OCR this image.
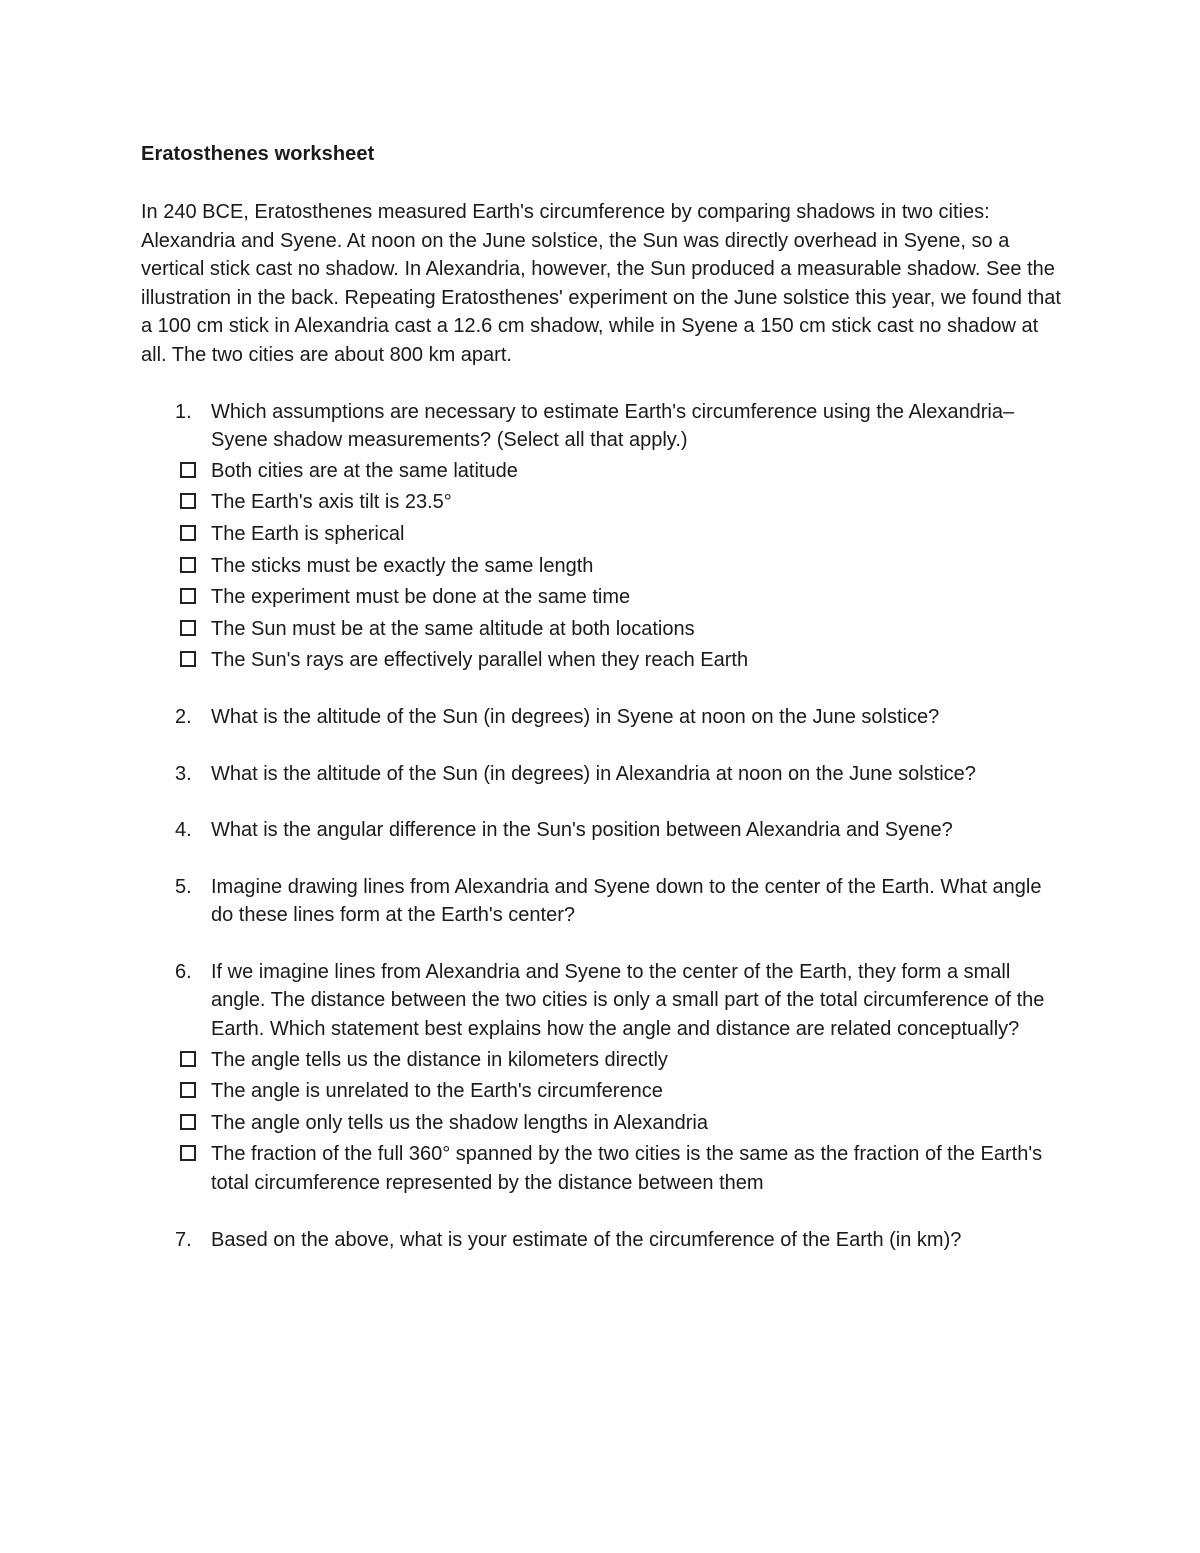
Eratosthenes worksheet
In 240 BCE, Eratosthenes measured Earth's circumference by comparing shadows in two cities: Alexandria and Syene. At noon on the June solstice, the Sun was directly overhead in Syene, so a vertical stick cast no shadow. In Alexandria, however, the Sun produced a measurable shadow. See the illustration in the back. Repeating Eratosthenes' experiment on the June solstice this year, we found that a 100 cm stick in Alexandria cast a 12.6 cm shadow, while in Syene a 150 cm stick cast no shadow at all. The two cities are about 800 km apart.
1. Which assumptions are necessary to estimate Earth's circumference using the Alexandria–Syene shadow measurements? (Select all that apply.)
Both cities are at the same latitude
The Earth's axis tilt is 23.5°
The Earth is spherical
The sticks must be exactly the same length
The experiment must be done at the same time
The Sun must be at the same altitude at both locations
The Sun's rays are effectively parallel when they reach Earth
2. What is the altitude of the Sun (in degrees) in Syene at noon on the June solstice?
3. What is the altitude of the Sun (in degrees) in Alexandria at noon on the June solstice?
4. What is the angular difference in the Sun's position between Alexandria and Syene?
5. Imagine drawing lines from Alexandria and Syene down to the center of the Earth. What angle do these lines form at the Earth's center?
6. If we imagine lines from Alexandria and Syene to the center of the Earth, they form a small angle. The distance between the two cities is only a small part of the total circumference of the Earth. Which statement best explains how the angle and distance are related conceptually?
The angle tells us the distance in kilometers directly
The angle is unrelated to the Earth's circumference
The angle only tells us the shadow lengths in Alexandria
The fraction of the full 360° spanned by the two cities is the same as the fraction of the Earth's total circumference represented by the distance between them
7. Based on the above, what is your estimate of the circumference of the Earth (in km)?
